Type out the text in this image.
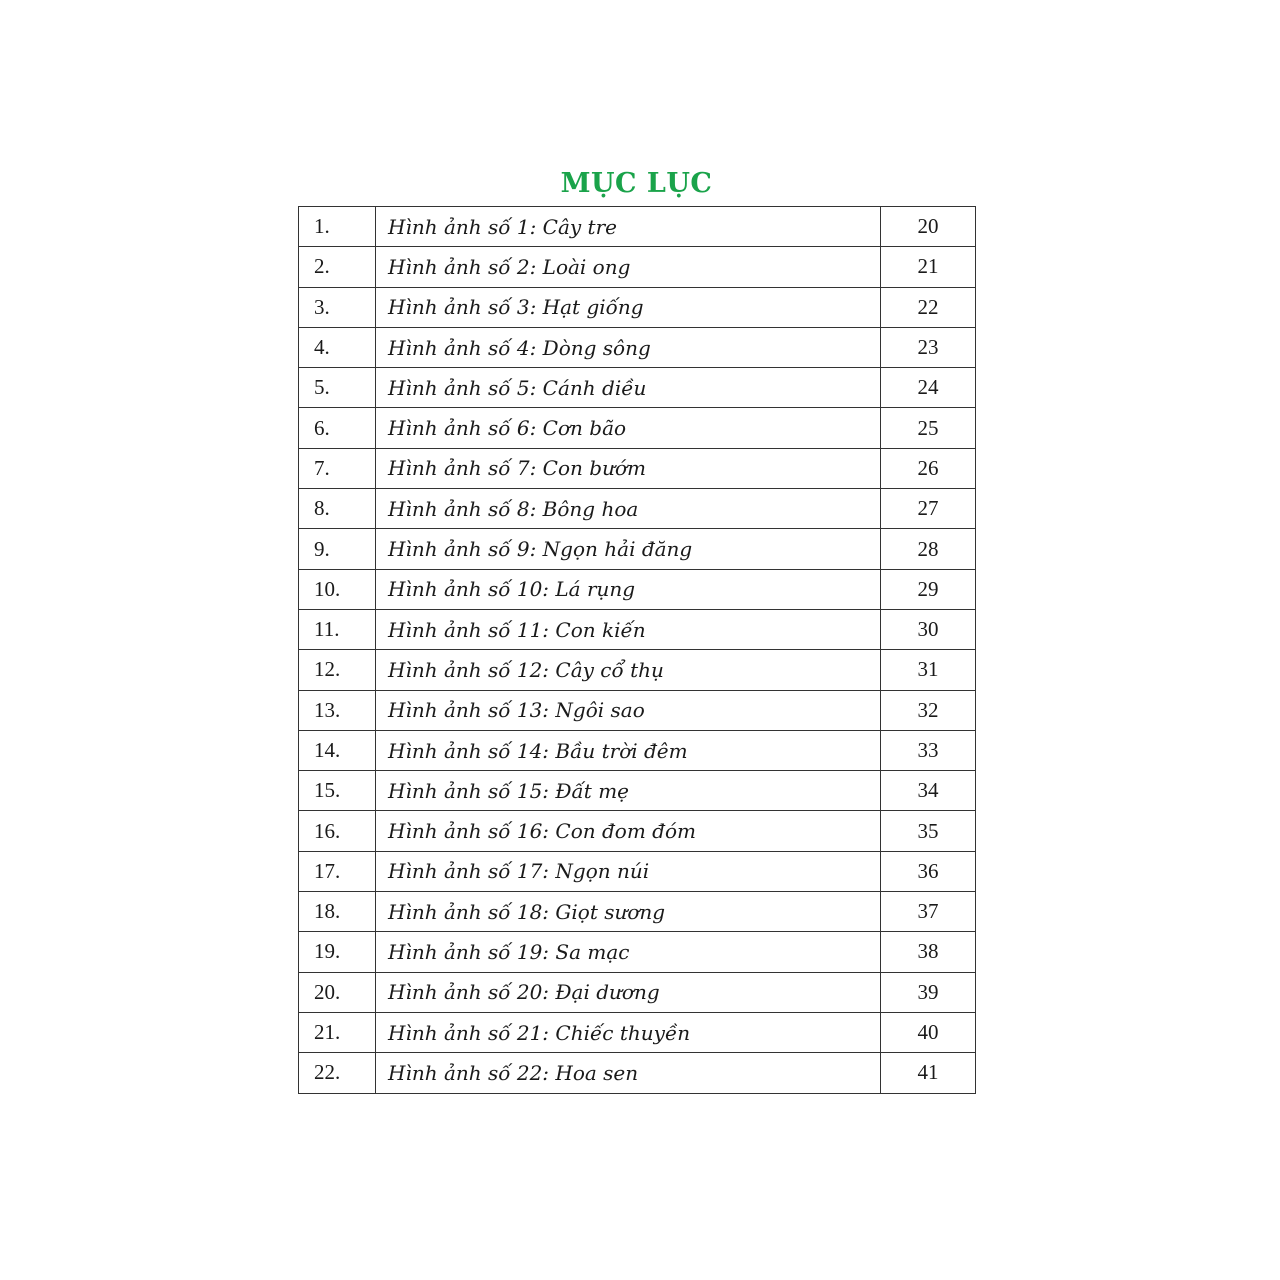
MỤC LỤC
1.	Hình ảnh số 1: Cây tre	20
2.	Hình ảnh số 2: Loài ong	21
3.	Hình ảnh số 3: Hạt giống	22
4.	Hình ảnh số 4: Dòng sông	23
5.	Hình ảnh số 5: Cánh diều	24
6.	Hình ảnh số 6: Cơn bão	25
7.	Hình ảnh số 7: Con bướm	26
8.	Hình ảnh số 8: Bông hoa	27
9.	Hình ảnh số 9: Ngọn hải đăng	28
10.	Hình ảnh số 10: Lá rụng	29
11.	Hình ảnh số 11: Con kiến	30
12.	Hình ảnh số 12: Cây cổ thụ	31
13.	Hình ảnh số 13: Ngôi sao	32
14.	Hình ảnh số 14: Bầu trời đêm	33
15.	Hình ảnh số 15: Đất mẹ	34
16.	Hình ảnh số 16: Con đom đóm	35
17.	Hình ảnh số 17: Ngọn núi	36
18.	Hình ảnh số 18: Giọt sương	37
19.	Hình ảnh số 19: Sa mạc	38
20.	Hình ảnh số 20: Đại dương	39
21.	Hình ảnh số 21: Chiếc thuyền	40
22.	Hình ảnh số 22: Hoa sen	41
